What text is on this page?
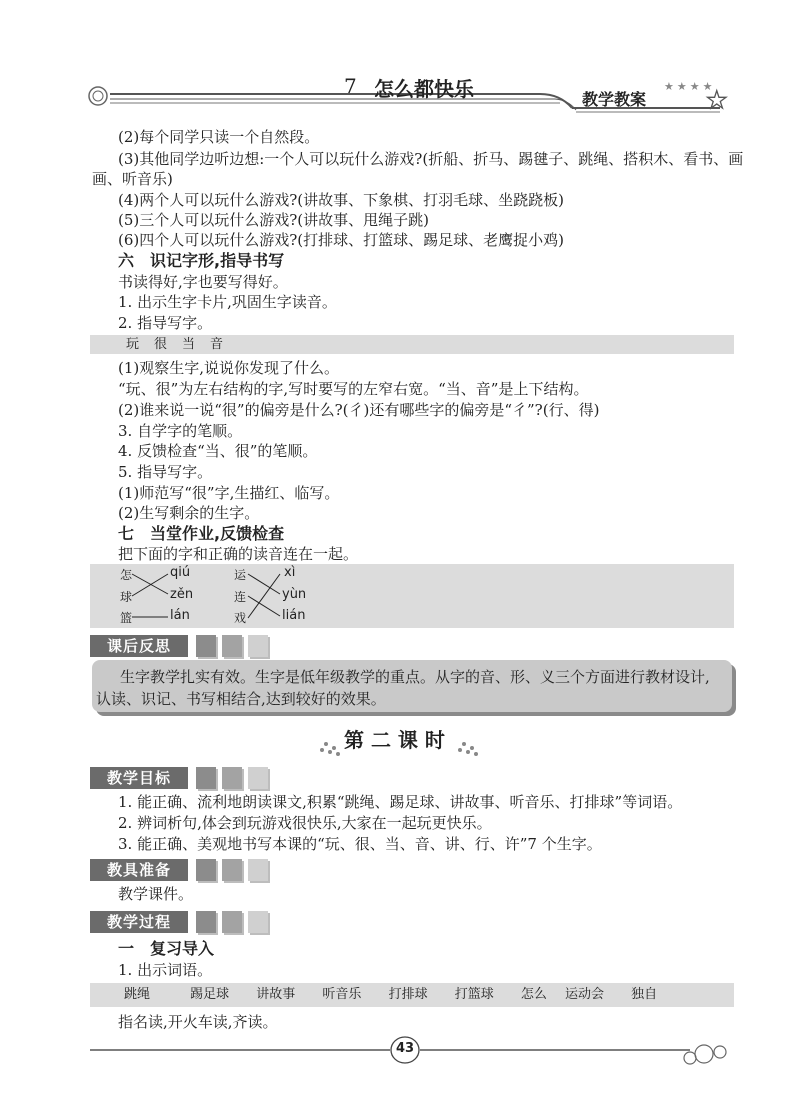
7 怎么都快乐	教学教案
★★★★
★
(2)每个同学只读一个自然段。
(3)其他同学边听边想:一个人可以玩什么游戏?(折船、折马、踢毽子、跳绳、搭积木、看书、画
画、听音乐)
(4)两个人可以玩什么游戏?(讲故事、下象棋、打羽毛球、坐跷跷板)
(5)三个人可以玩什么游戏?(讲故事、甩绳子跳)
(6)四个人可以玩什么游戏?(打排球、打篮球、踢足球、老鹰捉小鸡)
六　识记字形,指导书写
书读得好,字也要写得好。
1. 出示生字卡片,巩固生字读音。
2. 指导写字。
玩　很　当　音
(1)观察生字,说说你发现了什么。
“玩、很”为左右结构的字,写时要写的左窄右宽。“当、音”是上下结构。
(2)谁来说一说“很”的偏旁是什么?(彳)还有哪些字的偏旁是“彳”?(行、得)
3. 自学字的笔顺。
4. 反馈检查“当、很”的笔顺。
5. 指导写字。
(1)师范写“很”字,生描红、临写。
(2)生写剩余的生字。
七　当堂作业,反馈检查
把下面的字和正确的读音连在一起。
怎
球
篮
qiú
zěn
lán
运
连
戏
xì
yùn
lián
课后反思
生字教学扎实有效。生字是低年级教学的重点。从字的音、形、义三个方面进行教材设计,
认读、识记、书写相结合,达到较好的效果。
第 二 课 时
教学目标
1. 能正确、流利地朗读课文,积累“跳绳、踢足球、讲故事、听音乐、打排球”等词语。
2. 辨词析句,体会到玩游戏很快乐,大家在一起玩更快乐。
3. 能正确、美观地书写本课的“玩、很、当、音、讲、行、许”7 个生字。
教具准备
教学课件。
教学过程
一　复习导入
1. 出示词语。
跳绳	踢足球 讲故事 听音乐 打排球 打篮球 怎么 运动会 独自
指名读,开火车读,齐读。
43
